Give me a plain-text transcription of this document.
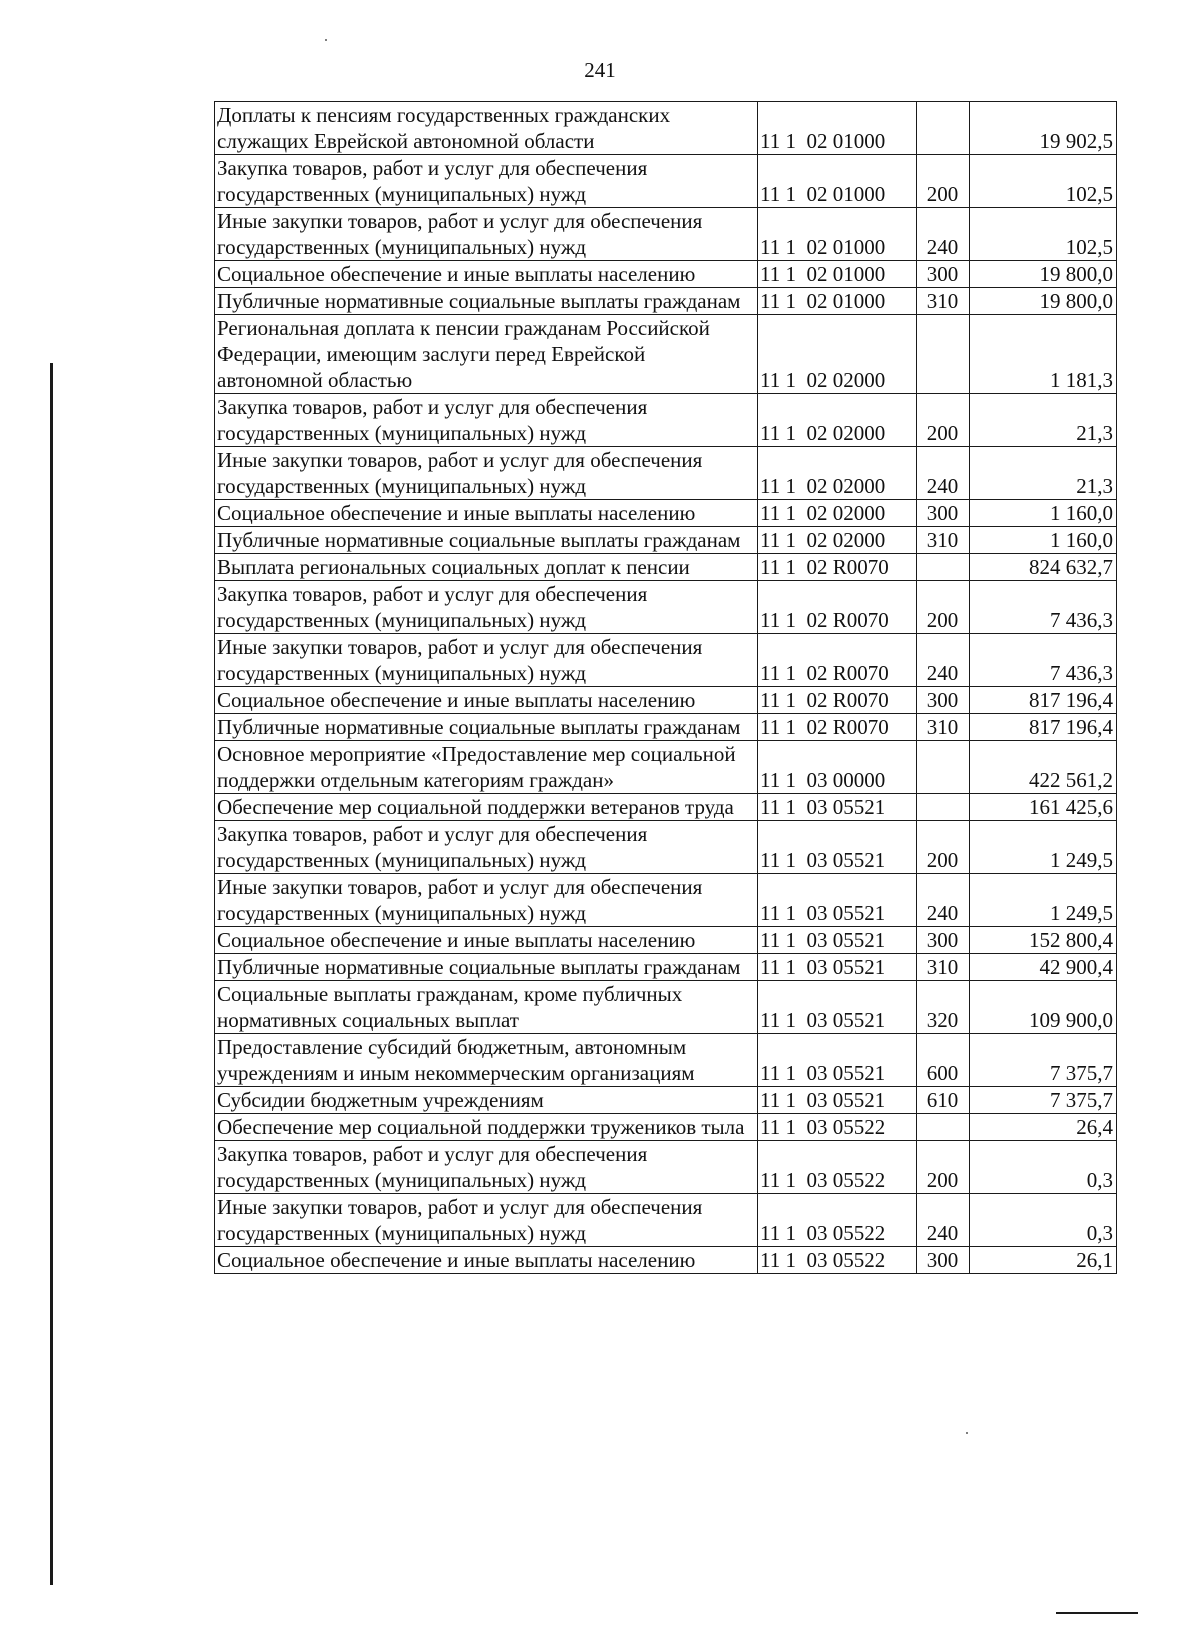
241
Доплаты к пенсиям государственных гражданских служащих Еврейской автономной области	11 1  02 01000		19 902,5
Закупка товаров, работ и услуг для обеспечения государственных (муниципальных) нужд	11 1  02 01000	200	102,5
Иные закупки товаров, работ и услуг для обеспечения государственных (муниципальных) нужд	11 1  02 01000	240	102,5
Социальное обеспечение и иные выплаты населению	11 1  02 01000	300	19 800,0
Публичные нормативные социальные выплаты гражданам	11 1  02 01000	310	19 800,0
Региональная доплата к пенсии гражданам Российской Федерации, имеющим заслуги перед Еврейской автономной областью	11 1  02 02000		1 181,3
Закупка товаров, работ и услуг для обеспечения государственных (муниципальных) нужд	11 1  02 02000	200	21,3
Иные закупки товаров, работ и услуг для обеспечения государственных (муниципальных) нужд	11 1  02 02000	240	21,3
Социальное обеспечение и иные выплаты населению	11 1  02 02000	300	1 160,0
Публичные нормативные социальные выплаты гражданам	11 1  02 02000	310	1 160,0
Выплата региональных социальных доплат к пенсии	11 1  02 R0070		824 632,7
Закупка товаров, работ и услуг для обеспечения государственных (муниципальных) нужд	11 1  02 R0070	200	7 436,3
Иные закупки товаров, работ и услуг для обеспечения государственных (муниципальных) нужд	11 1  02 R0070	240	7 436,3
Социальное обеспечение и иные выплаты населению	11 1  02 R0070	300	817 196,4
Публичные нормативные социальные выплаты гражданам	11 1  02 R0070	310	817 196,4
Основное мероприятие «Предоставление мер социальной поддержки отдельным категориям граждан»	11 1  03 00000		422 561,2
Обеспечение мер социальной поддержки ветеранов труда	11 1  03 05521		161 425,6
Закупка товаров, работ и услуг для обеспечения государственных (муниципальных) нужд	11 1  03 05521	200	1 249,5
Иные закупки товаров, работ и услуг для обеспечения государственных (муниципальных) нужд	11 1  03 05521	240	1 249,5
Социальное обеспечение и иные выплаты населению	11 1  03 05521	300	152 800,4
Публичные нормативные социальные выплаты гражданам	11 1  03 05521	310	42 900,4
Социальные выплаты гражданам, кроме публичных нормативных социальных выплат	11 1  03 05521	320	109 900,0
Предоставление субсидий бюджетным, автономным учреждениям и иным некоммерческим организациям	11 1  03 05521	600	7 375,7
Субсидии бюджетным учреждениям	11 1  03 05521	610	7 375,7
Обеспечение мер социальной поддержки тружеников тыла	11 1  03 05522		26,4
Закупка товаров, работ и услуг для обеспечения государственных (муниципальных) нужд	11 1  03 05522	200	0,3
Иные закупки товаров, работ и услуг для обеспечения государственных (муниципальных) нужд	11 1  03 05522	240	0,3
Социальное обеспечение и иные выплаты населению	11 1  03 05522	300	26,1
